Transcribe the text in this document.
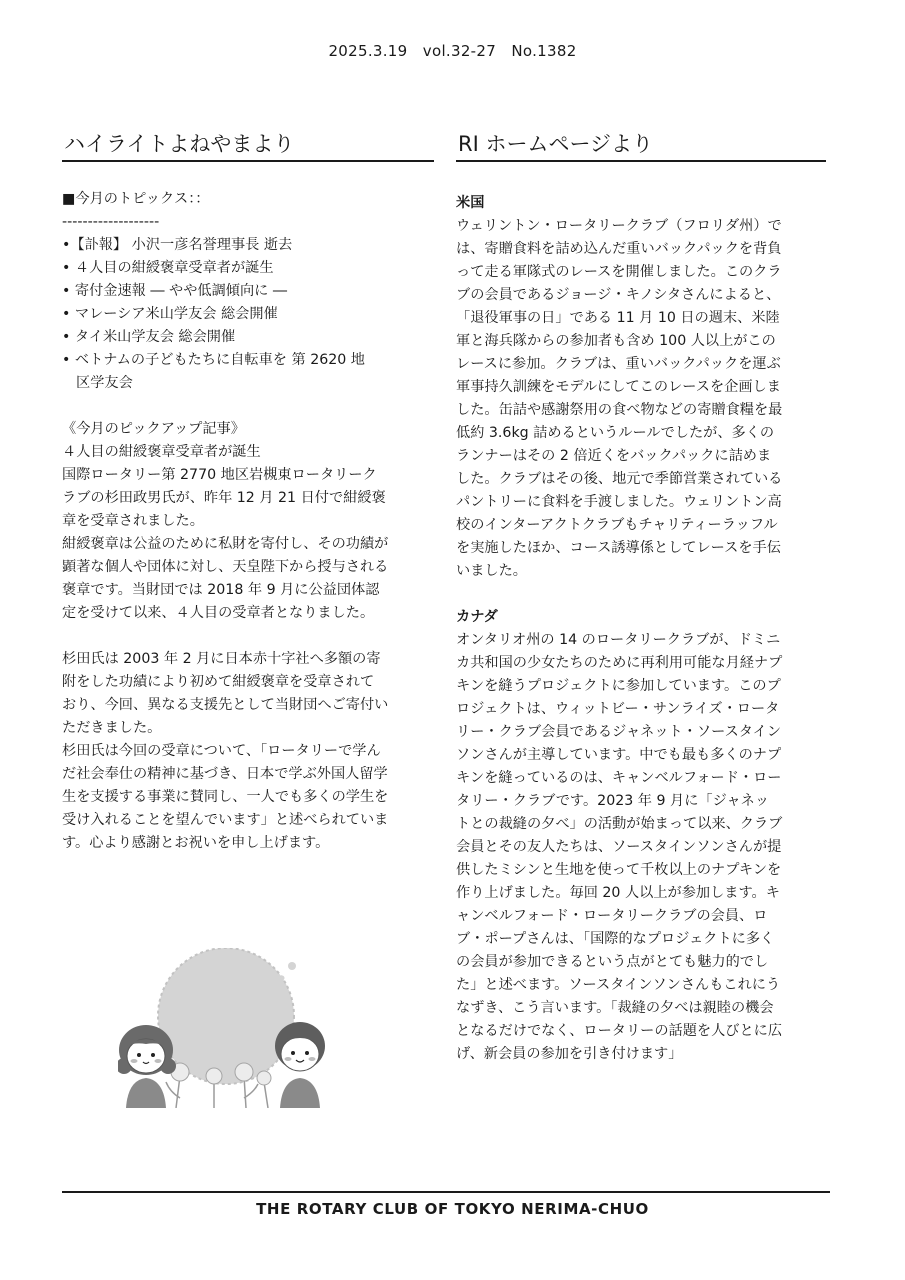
2025.3.19　vol.32-27　No.1382
ハイライトよねやまより
■今月のトピックス：：
-------------------
•【訃報】 小沢一彦名誉理事長 逝去
• ４人目の紺綬褒章受章者が誕生
• 寄付金速報 ― やや低調傾向に ―
• マレーシア米山学友会 総会開催
• タイ米山学友会 総会開催
• ベトナムの子どもたちに自転車を 第 2620 地
区学友会
《今月のピックアップ記事》
４人目の紺綬褒章受章者が誕生
国際ロータリー第 2770 地区岩槻東ロータリーク
ラブの杉田政男氏が、昨年 12 月 21 日付で紺綬褒
章を受章されました。
紺綬褒章は公益のために私財を寄付し、その功績が
顕著な個人や団体に対し、天皇陛下から授与される
褒章です。当財団では 2018 年 9 月に公益団体認
定を受けて以来、４人目の受章者となりました。
杉田氏は 2003 年 2 月に日本赤十字社へ多額の寄
附をした功績により初めて紺綬褒章を受章されて
おり、今回、異なる支援先として当財団へご寄付い
ただきました。
杉田氏は今回の受章について、「ロータリーで学ん
だ社会奉仕の精神に基づき、日本で学ぶ外国人留学
生を支援する事業に賛同し、一人でも多くの学生を
受け入れることを望んでいます」と述べられていま
す。心より感謝とお祝いを申し上げます。
RI ホームページより
米国
ウェリントン・ロータリークラブ（フロリダ州）で
は、寄贈食料を詰め込んだ重いバックパックを背負
って走る軍隊式のレースを開催しました。このクラ
ブの会員であるジョージ・キノシタさんによると、
「退役軍事の日」である 11 月 10 日の週末、米陸
軍と海兵隊からの参加者も含め 100 人以上がこの
レースに参加。クラブは、重いバックパックを運ぶ
軍事持久訓練をモデルにしてこのレースを企画しま
した。缶詰や感謝祭用の食べ物などの寄贈食糧を最
低約 3.6kg 詰めるというルールでしたが、多くの
ランナーはその 2 倍近くをバックパックに詰めま
した。クラブはその後、地元で季節営業されている
パントリーに食料を手渡しました。ウェリントン高
校のインターアクトクラブもチャリティーラッフル
を実施したほか、コース誘導係としてレースを手伝
いました。
カナダ
オンタリオ州の 14 のロータリークラブが、ドミニ
カ共和国の少女たちのために再利用可能な月経ナプ
キンを縫うプロジェクトに参加しています。このプ
ロジェクトは、ウィットビー・サンライズ・ロータ
リー・クラブ会員であるジャネット・ソースタイン
ソンさんが主導しています。中でも最も多くのナプ
キンを縫っているのは、キャンベルフォード・ロー
タリー・クラブです。2023 年 9 月に「ジャネッ
トとの裁縫の夕べ」の活動が始まって以来、クラブ
会員とその友人たちは、ソースタインソンさんが提
供したミシンと生地を使って千枚以上のナプキンを
作り上げました。毎回 20 人以上が参加します。キ
ャンベルフォード・ロータリークラブの会員、ロ
ブ・ポープさんは、「国際的なプロジェクトに多く
の会員が参加できるという点がとても魅力的でし
た」と述べます。ソースタインソンさんもこれにう
なずき、こう言います。「裁縫の夕べは親睦の機会
となるだけでなく、ロータリーの話題を人びとに広
げ、新会員の参加を引き付けます」
THE ROTARY CLUB OF TOKYO NERIMA-CHUO
